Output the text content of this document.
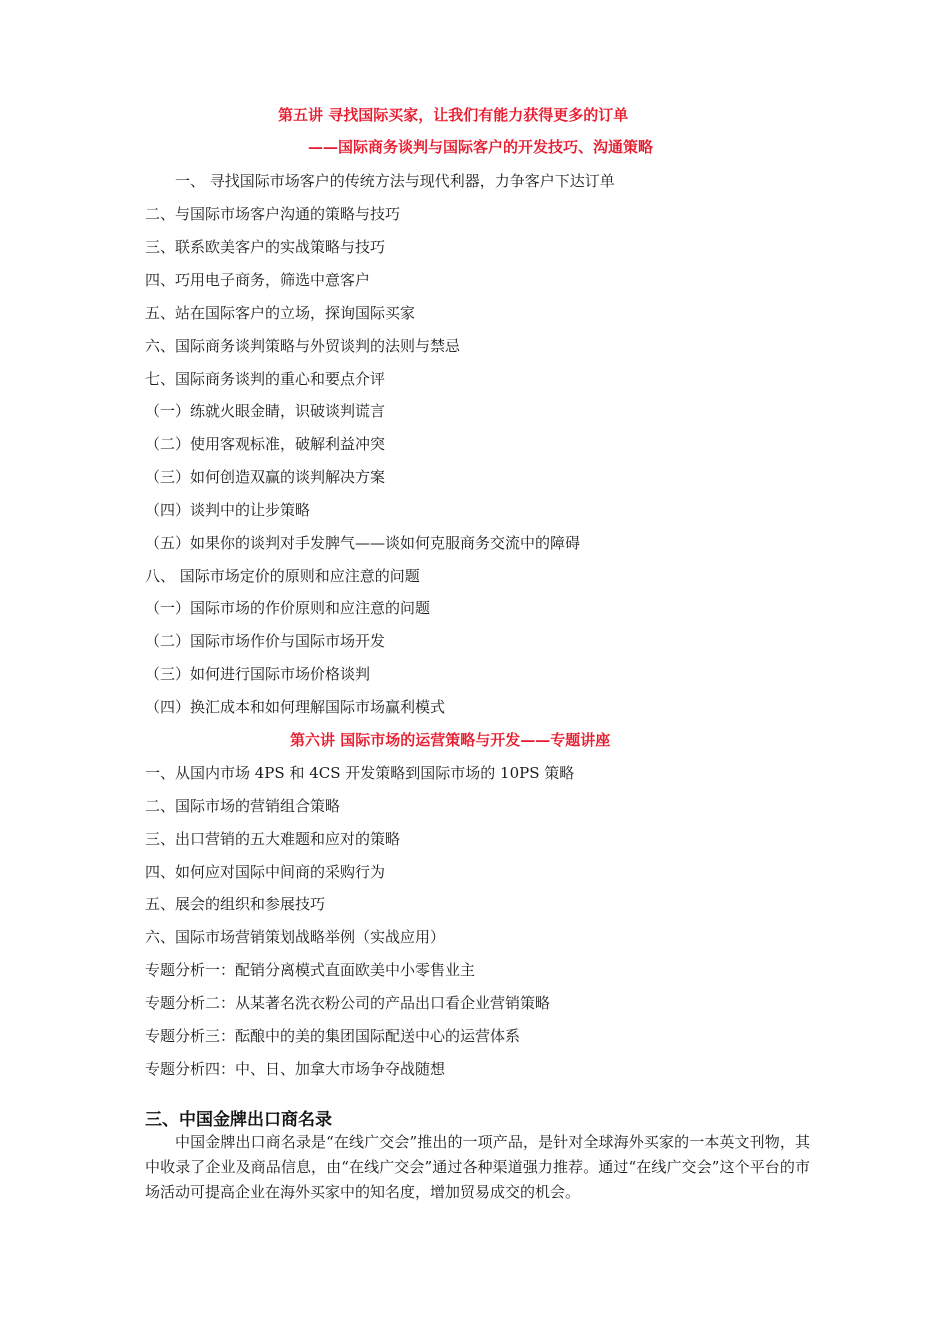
第五讲 寻找国际买家，让我们有能力获得更多的订单
——国际商务谈判与国际客户的开发技巧、沟通策略
一、 寻找国际市场客户的传统方法与现代利器，力争客户下达订单
二、与国际市场客户沟通的策略与技巧
三、联系欧美客户的实战策略与技巧
四、巧用电子商务，筛选中意客户
五、站在国际客户的立场，探询国际买家
六、国际商务谈判策略与外贸谈判的法则与禁忌
七、国际商务谈判的重心和要点介评
（一）练就火眼金睛，识破谈判谎言
（二）使用客观标准，破解利益冲突
（三）如何创造双赢的谈判解决方案
（四）谈判中的让步策略
（五）如果你的谈判对手发脾气——谈如何克服商务交流中的障碍
八、 国际市场定价的原则和应注意的问题
（一）国际市场的作价原则和应注意的问题
（二）国际市场作价与国际市场开发
（三）如何进行国际市场价格谈判
（四）换汇成本和如何理解国际市场赢利模式
第六讲 国际市场的运营策略与开发——专题讲座
一、从国内市场 4PS 和 4CS 开发策略到国际市场的 10PS 策略
二、国际市场的营销组合策略
三、出口营销的五大难题和应对的策略
四、如何应对国际中间商的采购行为
五、展会的组织和参展技巧
六、国际市场营销策划战略举例（实战应用）
专题分析一：配销分离模式直面欧美中小零售业主
专题分析二：从某著名洗衣粉公司的产品出口看企业营销策略
专题分析三：酝酿中的美的集团国际配送中心的运营体系
专题分析四：中、日、加拿大市场争夺战随想
三、中国金牌出口商名录
中国金牌出口商名录是“在线广交会”推出的一项产品，是针对全球海外买家的一本英文刊物，其中收录了企业及商品信息，由“在线广交会”通过各种渠道强力推荐。通过“在线广交会”这个平台的市场活动可提高企业在海外买家中的知名度，增加贸易成交的机会。
